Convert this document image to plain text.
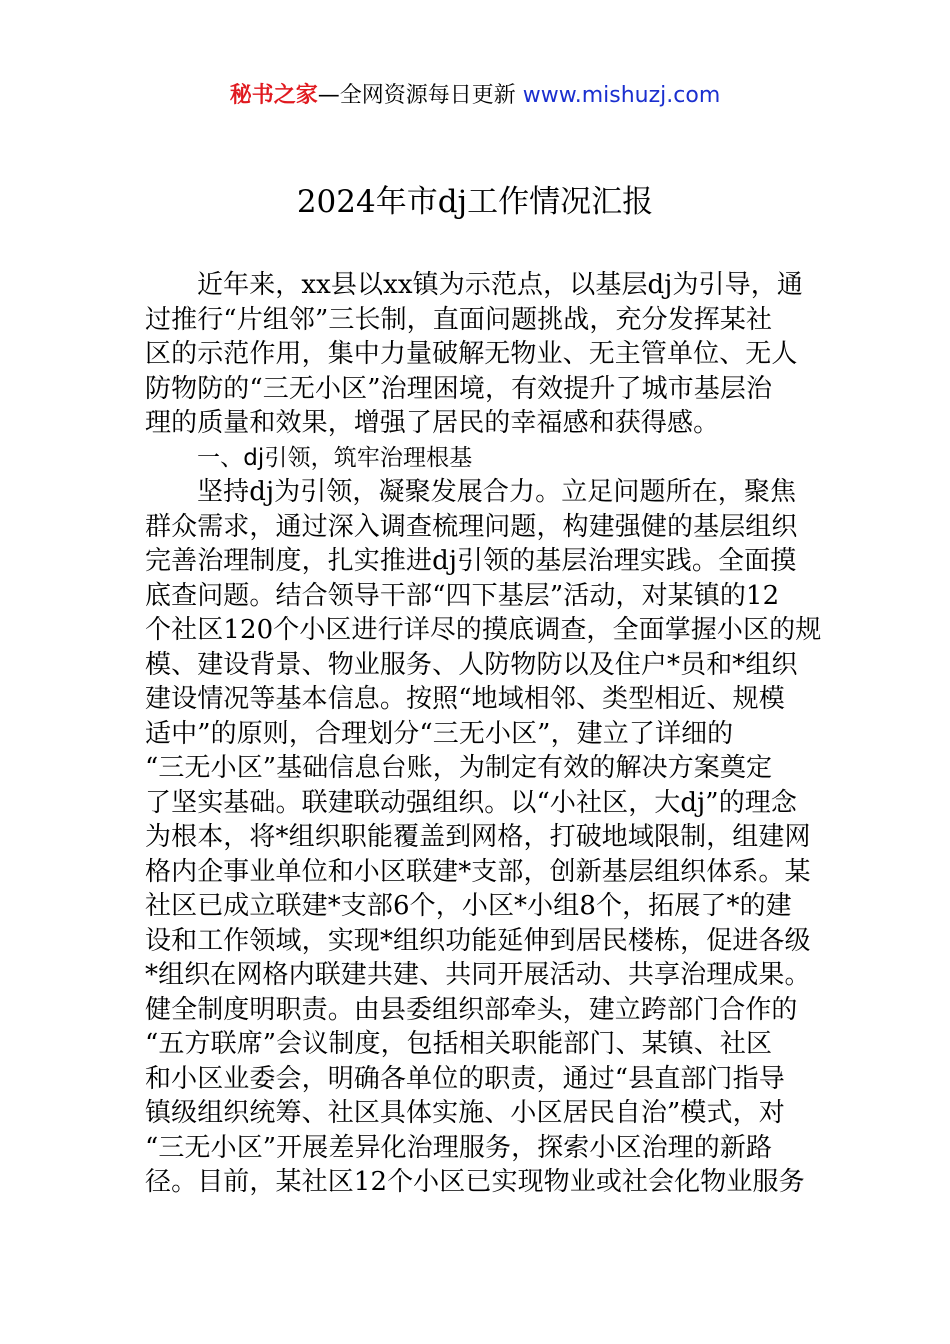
秘书之家—全网资源每日更新 www.mishuzj.com
2024年市dj工作情况汇报

近年来，xx县以xx镇为示范点，以基层dj为引导，通
过推行“片组邻”三长制，直面问题挑战，充分发挥某社
区的示范作用，集中力量破解无物业、无主管单位、无人
防物防的“三无小区”治理困境，有效提升了城市基层治
理的质量和效果，增强了居民的幸福感和获得感。

一、dj引领，筑牢治理根基

坚持dj为引领，凝聚发展合力。立足问题所在，聚焦
群众需求，通过深入调查梳理问题，构建强健的基层组织
完善治理制度，扎实推进dj引领的基层治理实践。全面摸
底查问题。结合领导干部“四下基层”活动，对某镇的12
个社区120个小区进行详尽的摸底调查，全面掌握小区的规
模、建设背景、物业服务、人防物防以及住户*员和*组织
建设情况等基本信息。按照“地域相邻、类型相近、规模
适中”的原则，合理划分“三无小区”，建立了详细的
“三无小区”基础信息台账，为制定有效的解决方案奠定
了坚实基础。联建联动强组织。以“小社区，大dj”的理念
为根本，将*组织职能覆盖到网格，打破地域限制，组建网
格内企事业单位和小区联建*支部，创新基层组织体系。某
社区已成立联建*支部6个，小区*小组8个，拓展了*的建
设和工作领域，实现*组织功能延伸到居民楼栋，促进各级
*组织在网格内联建共建、共同开展活动、共享治理成果。
健全制度明职责。由县委组织部牵头，建立跨部门合作的
“五方联席”会议制度，包括相关职能部门、某镇、社区
和小区业委会，明确各单位的职责，通过“县直部门指导
镇级组织统筹、社区具体实施、小区居民自治”模式，对
“三无小区”开展差异化治理服务，探索小区治理的新路
径。目前，某社区12个小区已实现物业或社会化物业服务
